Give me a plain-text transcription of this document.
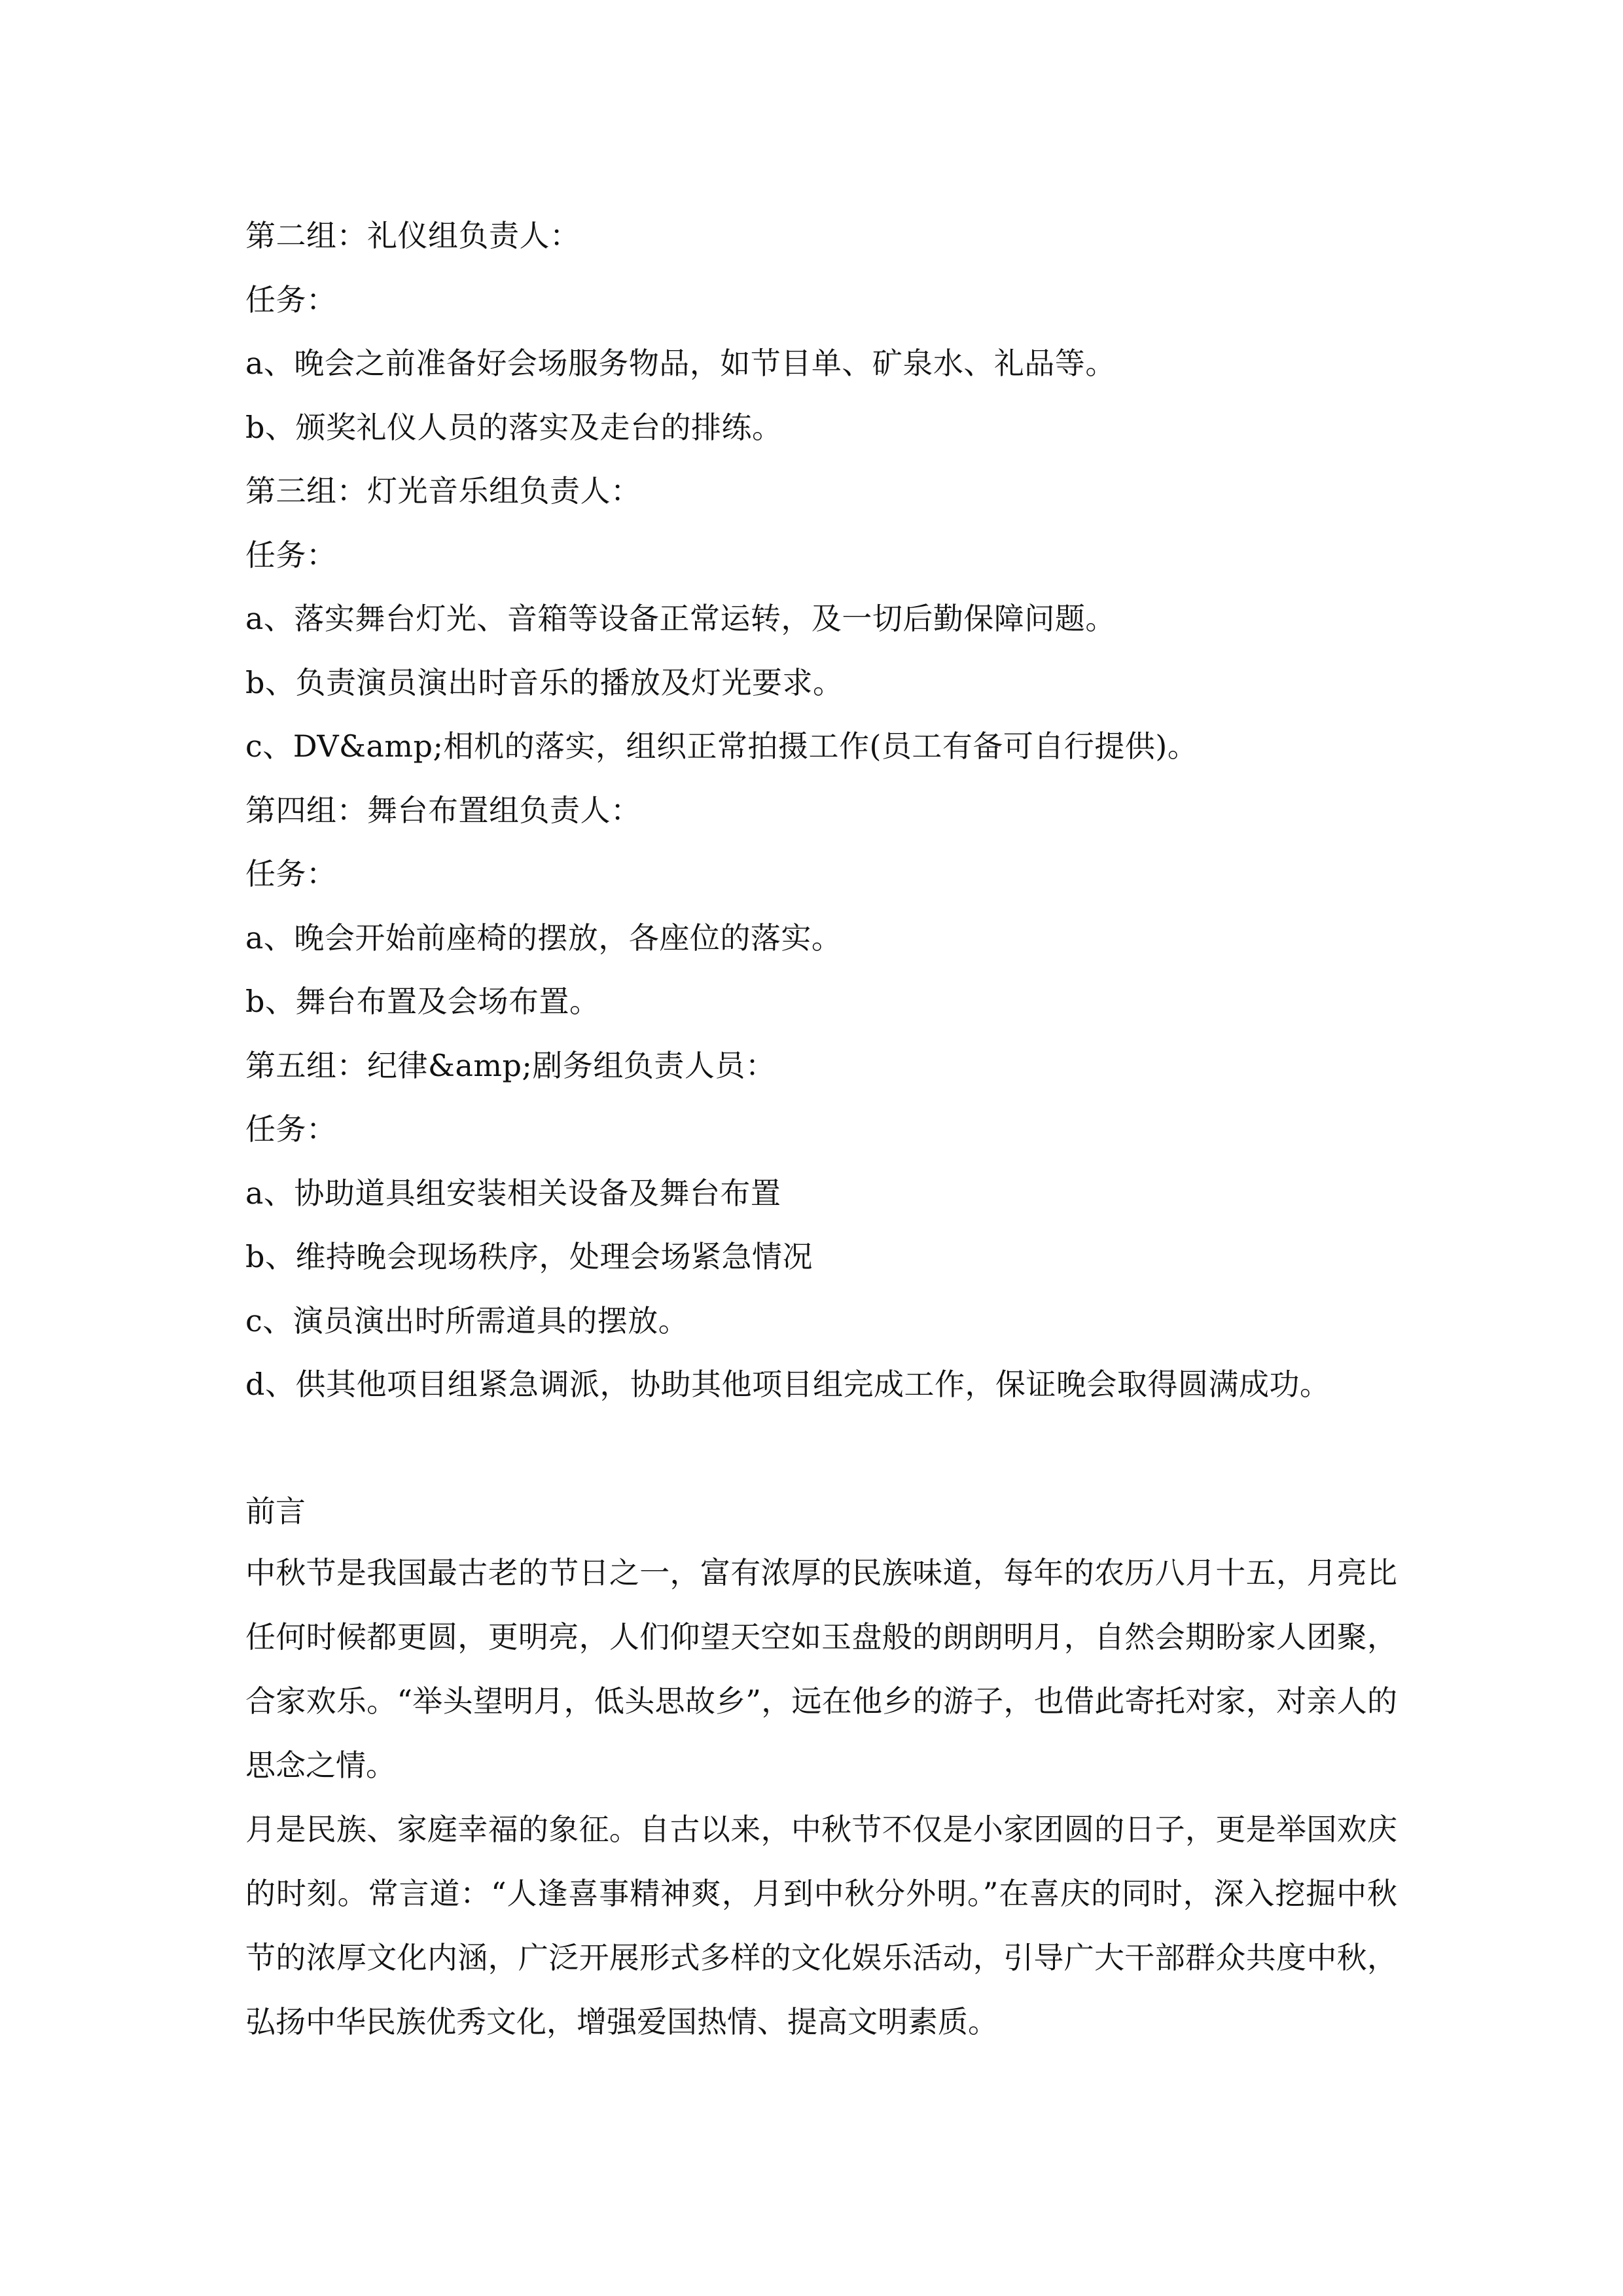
第二组：礼仪组负责人：
任务：
a、晚会之前准备好会场服务物品，如节目单、矿泉水、礼品等。
b、颁奖礼仪人员的落实及走台的排练。
第三组：灯光音乐组负责人：
任务：
a、落实舞台灯光、音箱等设备正常运转，及一切后勤保障问题。
b、负责演员演出时音乐的播放及灯光要求。
c、DV&amp;相机的落实，组织正常拍摄工作(员工有备可自行提供)。
第四组：舞台布置组负责人：
任务：
a、晚会开始前座椅的摆放，各座位的落实。
b、舞台布置及会场布置。
第五组：纪律&amp;剧务组负责人员：
任务：
a、协助道具组安装相关设备及舞台布置
b、维持晚会现场秩序，处理会场紧急情况
c、演员演出时所需道具的摆放。
d、供其他项目组紧急调派，协助其他项目组完成工作，保证晚会取得圆满成功。
前言

中秋节是我国最古老的节日之一，富有浓厚的民族味道，每年的农历八月十五，月亮比任何时候都更圆，更明亮，人们仰望天空如玉盘般的朗朗明月，自然会期盼家人团聚，合家欢乐。“举头望明月，低头思故乡”，远在他乡的游子，也借此寄托对家，对亲人的思念之情。

月是民族、家庭幸福的象征。自古以来，中秋节不仅是小家团圆的日子，更是举国欢庆的时刻。常言道：“人逢喜事精神爽，月到中秋分外明。”在喜庆的同时，深入挖掘中秋节的浓厚文化内涵，广泛开展形式多样的文化娱乐活动，引导广大干部群众共度中秋，弘扬中华民族优秀文化，增强爱国热情、提高文明素质。
